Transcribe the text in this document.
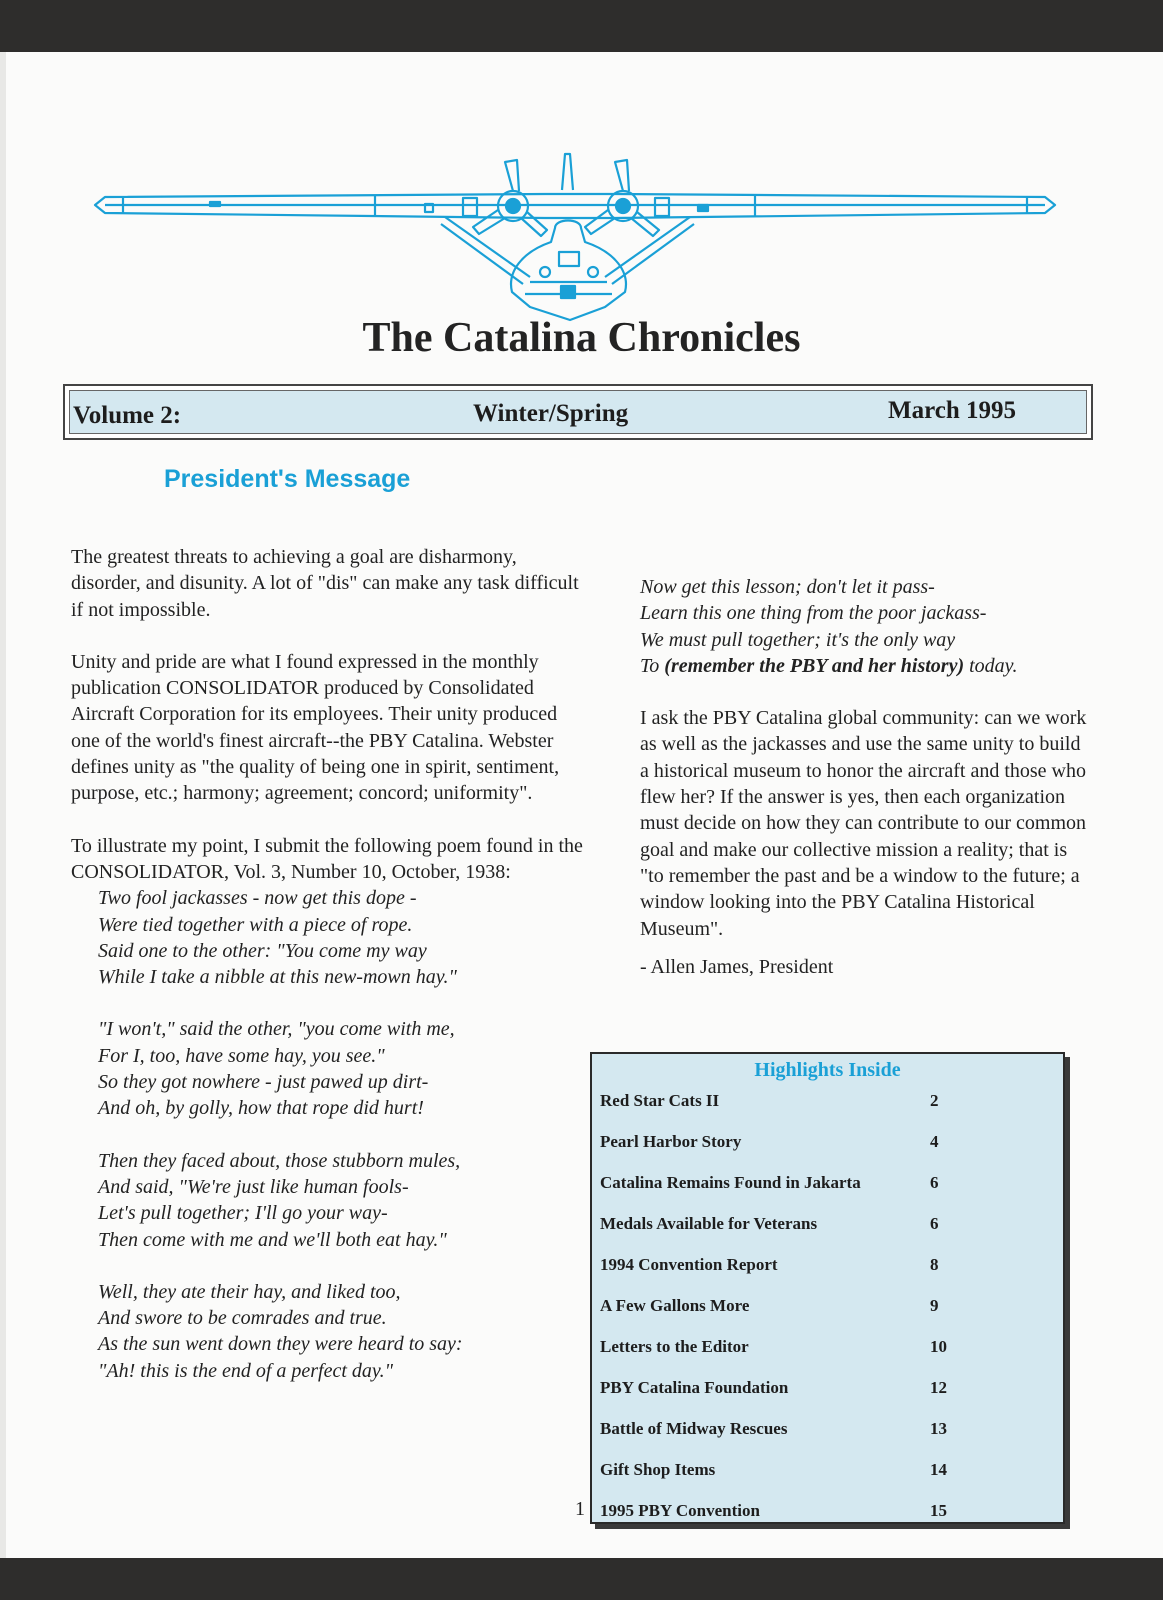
The Catalina Chronicles
Volume 2:	Winter/Spring	March 1995
President's Message

The greatest threats to achieving a goal are disharmony, disorder, and disunity. A lot of "dis" can make any task difficult if not impossible.

Unity and pride are what I found expressed in the monthly publication CONSOLIDATOR produced by Consolidated Aircraft Corporation for its employees. Their unity produced one of the world's finest aircraft--the PBY Catalina. Webster defines unity as "the quality of being one in spirit, sentiment, purpose, etc.; harmony; agreement; concord; uniformity".

To illustrate my point, I submit the following poem found in the CONSOLIDATOR, Vol. 3, Number 10, October, 1938:

Two fool jackasses - now get this dope -
Were tied together with a piece of rope.
Said one to the other: "You come my way
While I take a nibble at this new-mown hay."
"I won't," said the other, "you come with me,
For I, too, have some hay, you see."
So they got nowhere - just pawed up dirt-
And oh, by golly, how that rope did hurt!
Then they faced about, those stubborn mules,
And said, "We're just like human fools-
Let's pull together; I'll go your way-
Then come with me and we'll both eat hay."
Well, they ate their hay, and liked too,
And swore to be comrades and true.
As the sun went down they were heard to say:
"Ah! this is the end of a perfect day."
Now get this lesson; don't let it pass-
Learn this one thing from the poor jackass-
We must pull together; it's the only way
To (remember the PBY and her history) today.

I ask the PBY Catalina global community: can we work as well as the jackasses and use the same unity to build a historical museum to honor the aircraft and those who flew her? If the answer is yes, then each organization must decide on how they can contribute to our common goal and make our collective mission a reality; that is "to remember the past and be a window to the future; a window looking into the PBY Catalina Historical Museum".

- Allen James, President
Highlights Inside
Red Star Cats II	2
Pearl Harbor Story	4
Catalina Remains Found in Jakarta	6
Medals Available for Veterans	6
1994 Convention Report	8
A Few Gallons More	9
Letters to the Editor	10
PBY Catalina Foundation	12
Battle of Midway Rescues	13
Gift Shop Items	14
1995 PBY Convention	15
1
